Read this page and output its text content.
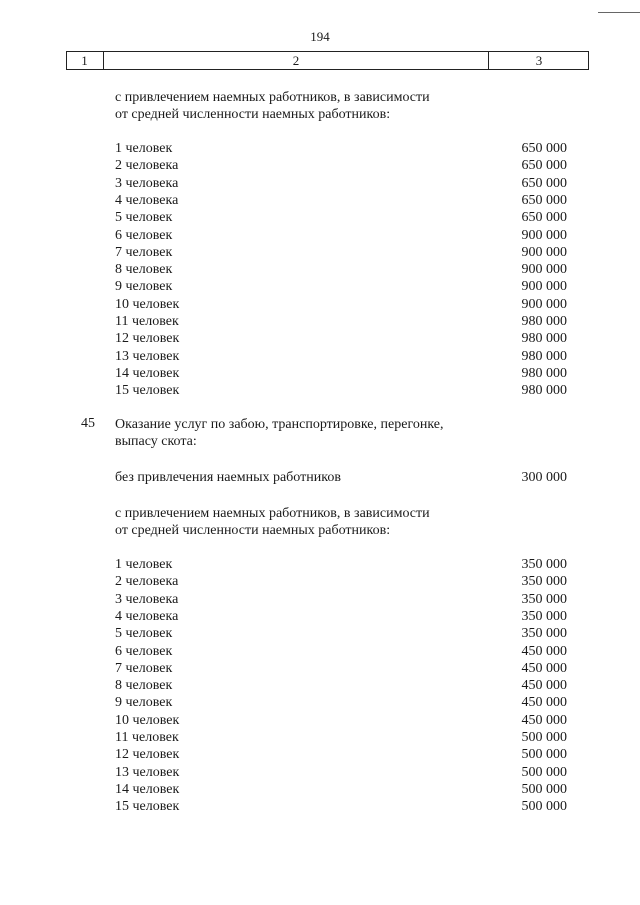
194
1	2	3
с привлечением наемных работников, в зависимости
от средней численности наемных работников:
1 человек	650 000
2 человека	650 000
3 человека	650 000
4 человека	650 000
5 человек	650 000
6 человек	900 000
7 человек	900 000
8 человек	900 000
9 человек	900 000
10 человек	900 000
11 человек	980 000
12 человек	980 000
13 человек	980 000
14 человек	980 000
15 человек	980 000
45 Оказание услуг по забою, транспортировке, перегонке,
выпасу скота:
без привлечения наемных работников	300 000
с привлечением наемных работников, в зависимости
от средней численности наемных работников:
1 человек	350 000
2 человека	350 000
3 человека	350 000
4 человека	350 000
5 человек	350 000
6 человек	450 000
7 человек	450 000
8 человек	450 000
9 человек	450 000
10 человек	450 000
11 человек	500 000
12 человек	500 000
13 человек	500 000
14 человек	500 000
15 человек	500 000
